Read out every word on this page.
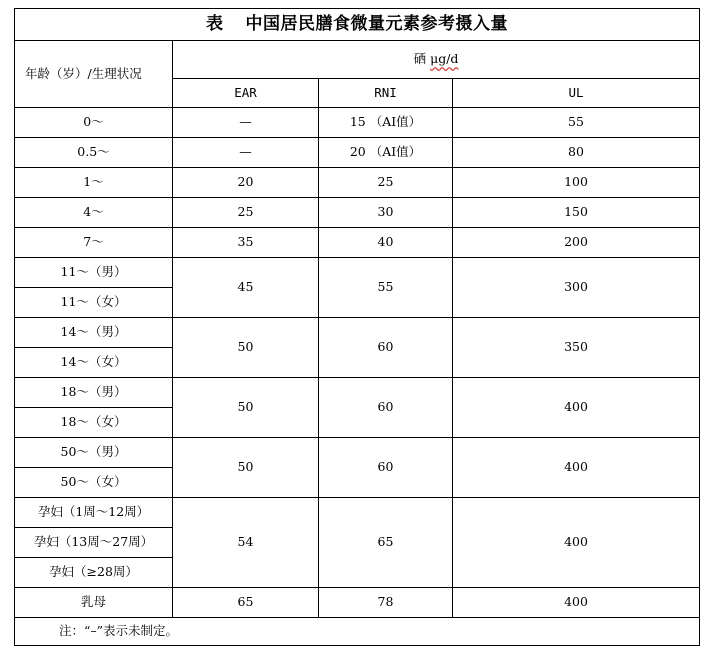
表 中国居民膳食微量元素参考摄入量			
年龄（岁）/生理状况	硒 μg/d		
	EAR	RNI	UL
0～	—	15 （AI值）	55
0.5～	—	20 （AI值）	80
1～	20	25	100
4～	25	30	150
7～	35	40	200
11～（男）	45	55	300
11～（女）			
14～（男）	50	60	350
14～（女）			
18～（男）	50	60	400
18～（女）			
50～（男）	50	60	400
50～（女）			
孕妇（1周～12周）	54	65	400
孕妇（13周～27周）			
孕妇（≥28周）			
乳母	65	78	400
注：“–”表示未制定。			
